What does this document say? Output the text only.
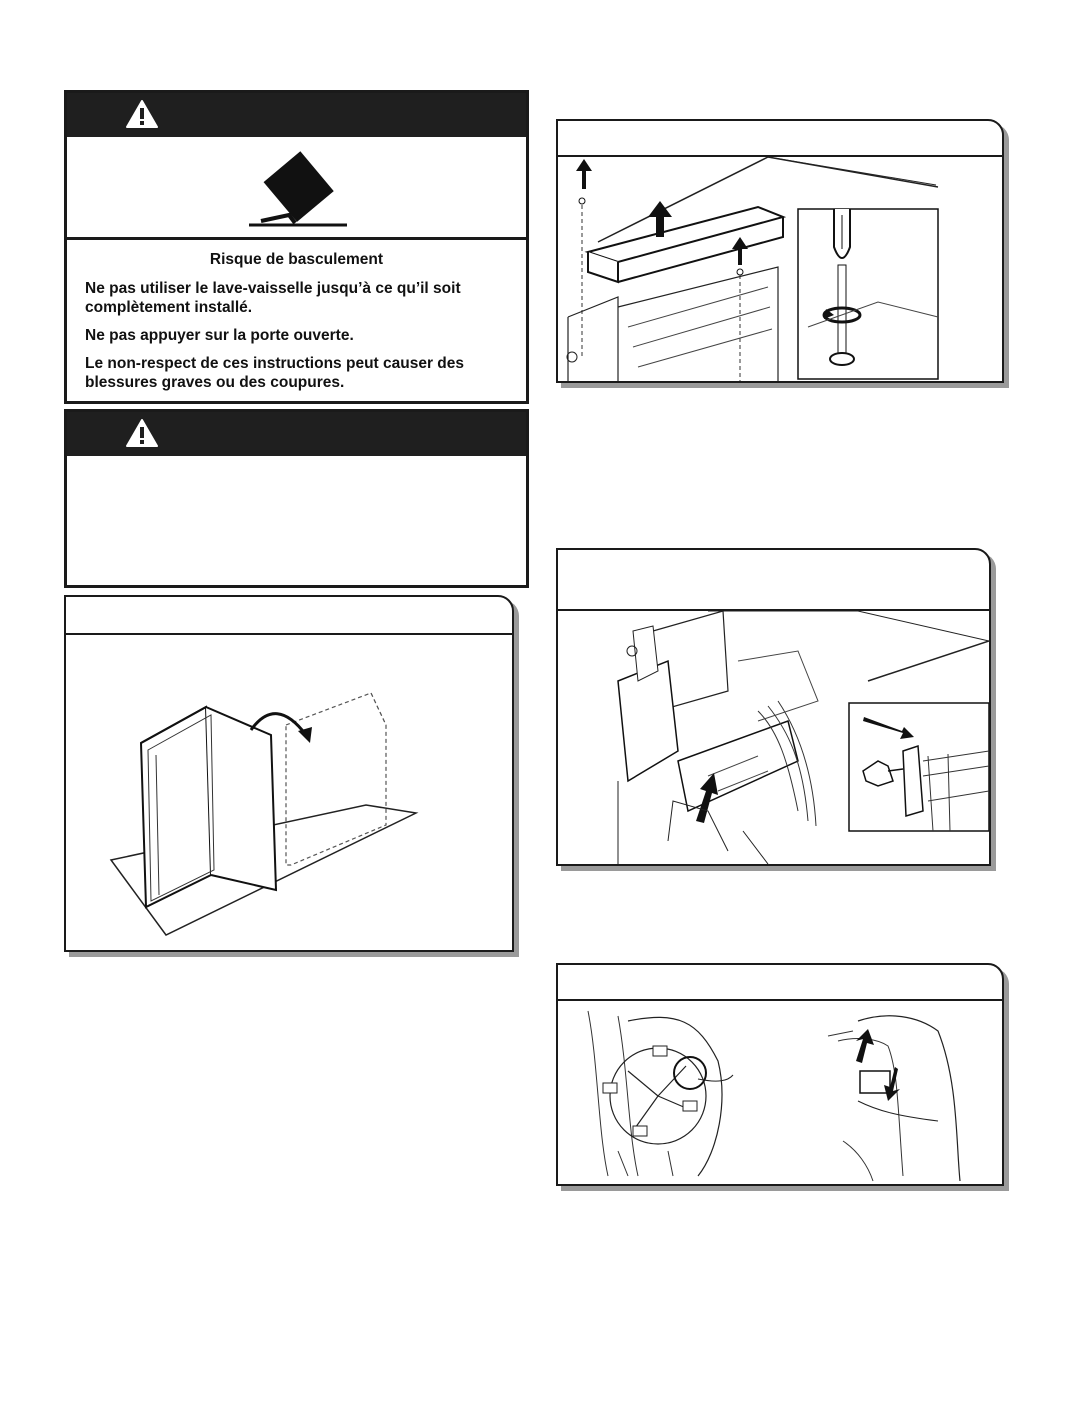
Risque de basculement

Ne pas utiliser le lave-vaisselle jusqu’à ce qu’il soit complètement installé.

Ne pas appuyer sur la porte ouverte.

Le non-respect de ces instructions peut causer des blessures graves ou des coupures.
